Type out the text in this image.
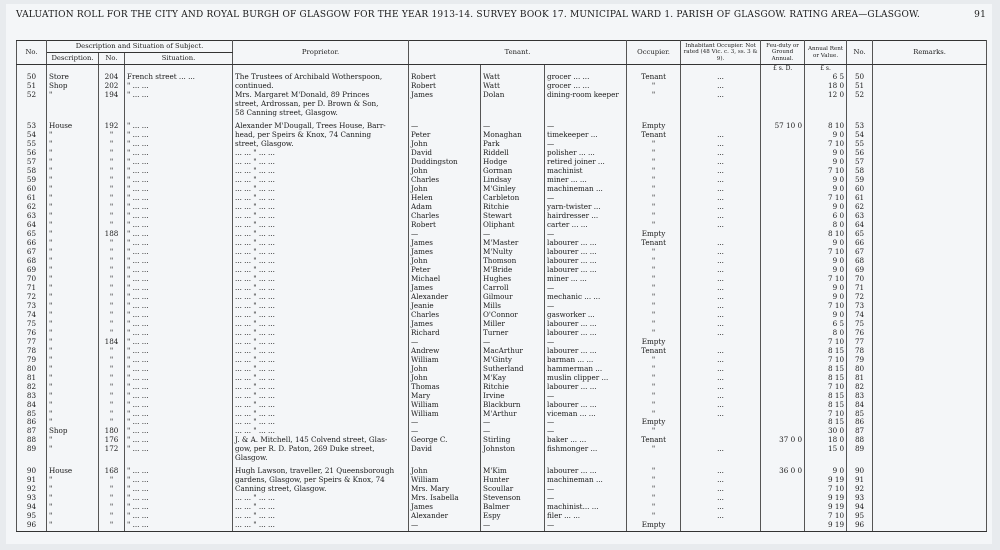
VALUATION ROLL FOR THE CITY AND ROYAL BURGH OF GLASGOW FOR THE YEAR 1913-14. SURVEY BOOK 17. MUNICIPAL WARD 1. PARISH OF GLASGOW. RATING AREA—GLASGOW.	91
No.	Description and Situation of Subject.			Proprietor.	Tenant.			Occupier.	Inhabitant Occupier. Not rated (48 Vic. c. 3, ss. 3 & 9).	Feu-duty or Ground Annual.	Annual Rent or Value.	No.	Remarks.
	Description.	No.	Situation.										
										£ s. D.	£ s.		
50	Store	204	French street ... ...	The Trustees of Archibald Wotherspoon,	Robert	Watt	grocer ... ...	Tenant	...		6 5	50	
51	Shop	202	" ... ...	continued.	Robert	Watt	grocer ... ...	"	...		18 0	51	
52	"	194	" ... ...	Mrs. Margaret M'Donald, 89 Princes	James	Dolan	dining-room keeper	"	...		12 0	52	
				street, Ardrossan, per D. Brown & Son,									
				58 Canning street, Glasgow.									
53	House	192	" ... ...	Alexander M'Dougall, Trees House, Barr-	—	—	—	Empty		57 10 0	8 10	53	
54	"	"	" ... ...	head, per Speirs & Knox, 74 Canning	Peter	Monaghan	timekeeper ...	Tenant	...		9 0	54	
55	"	"	" ... ...	street, Glasgow.	John	Park	—	"	...		7 10	55	
56	"	"	" ... ...	... ... " ... ...	David	Riddell	polisher ... ...	"	...		9 0	56	
57	"	"	" ... ...	... ... " ... ...	Duddingston	Hodge	retired joiner ...	"	...		9 0	57	
58	"	"	" ... ...	... ... " ... ...	John	Gorman	machinist	"	...		7 10	58	
59	"	"	" ... ...	... ... " ... ...	Charles	Lindsay	miner ... ...	"	...		9 0	59	
60	"	"	" ... ...	... ... " ... ...	John	M'Ginley	machineman ...	"	...		9 0	60	
61	"	"	" ... ...	... ... " ... ...	Helen	Carbleton	—	"	...		7 10	61	
62	"	"	" ... ...	... ... " ... ...	Adam	Ritchie	yarn-twister ...	"	...		9 0	62	
63	"	"	" ... ...	... ... " ... ...	Charles	Stewart	hairdresser ...	"	...		6 0	63	
64	"	"	" ... ...	... ... " ... ...	Robert	Oliphant	carter ... ...	"	...		8 0	64	
65	"	188	" ... ...	... ... " ... ...	—	—	—	Empty			8 10	65	
66	"	"	" ... ...	... ... " ... ...	James	M'Master	labourer ... ...	Tenant	...		9 0	66	
67	"	"	" ... ...	... ... " ... ...	James	M'Nulty	labourer ... ...	"	...		7 10	67	
68	"	"	" ... ...	... ... " ... ...	John	Thomson	labourer ... ...	"	...		9 0	68	
69	"	"	" ... ...	... ... " ... ...	Peter	M'Bride	labourer ... ...	"	...		9 0	69	
70	"	"	" ... ...	... ... " ... ...	Michael	Hughes	miner ... ...	"	...		7 10	70	
71	"	"	" ... ...	... ... " ... ...	James	Carroll	—	"	...		9 0	71	
72	"	"	" ... ...	... ... " ... ...	Alexander	Gilmour	mechanic ... ...	"	...		9 0	72	
73	"	"	" ... ...	... ... " ... ...	Jeanie	Mills	—	"	...		7 10	73	
74	"	"	" ... ...	... ... " ... ...	Charles	O'Connor	gasworker ...	"	...		9 0	74	
75	"	"	" ... ...	... ... " ... ...	James	Miller	labourer ... ...	"	...		6 5	75	
76	"	"	" ... ...	... ... " ... ...	Richard	Turner	labourer ... ...	"	...		8 0	76	
77	"	184	" ... ...	... ... " ... ...	—	—	—	Empty			7 10	77	
78	"	"	" ... ...	... ... " ... ...	Andrew	MacArthur	labourer ... ...	Tenant	...		8 15	78	
79	"	"	" ... ...	... ... " ... ...	William	M'Ginty	barman ... ...	"	...		7 10	79	
80	"	"	" ... ...	... ... " ... ...	John	Sutherland	hammerman ...	"	...		8 15	80	
81	"	"	" ... ...	... ... " ... ...	John	M'Kay	muslin clipper ...	"	...		8 15	81	
82	"	"	" ... ...	... ... " ... ...	Thomas	Ritchie	labourer ... ...	"	...		7 10	82	
83	"	"	" ... ...	... ... " ... ...	Mary	Irvine	—	"	...		8 15	83	
84	"	"	" ... ...	... ... " ... ...	William	Blackburn	labourer ... ...	"	...		8 15	84	
85	"	"	" ... ...	... ... " ... ...	William	M'Arthur	viceman ... ...	"	...		7 10	85	
86	"	"	" ... ...	... ... " ... ...	—	—	—	Empty			8 15	86	
87	Shop	180	" ... ...	... ... " ... ...	—	—	—	"			30 0	87	
88	"	176	" ... ...	J. & A. Mitchell, 145 Colvend street, Glas-	George C.	Stirling	baker ... ...	Tenant		37 0 0	18 0	88	
89	"	172	" ... ...	gow, per R. D. Paton, 269 Duke street,	David	Johnston	fishmonger ...	"	...		15 0	89	
				Glasgow.									
90	House	168	" ... ...	Hugh Lawson, traveller, 21 Queensborough	John	M'Kim	labourer ... ...	"	...	36 0 0	9 0	90	
91	"	"	" ... ...	gardens, Glasgow, per Speirs & Knox, 74	William	Hunter	machineman ...	"	...		9 19	91	
92	"	"	" ... ...	Canning street, Glasgow.	Mrs. Mary	Scoullar	—	"	...		7 10	92	
93	"	"	" ... ...	... ... " ... ...	Mrs. Isabella	Stevenson	—	"	...		9 19	93	
94	"	"	" ... ...	... ... " ... ...	James	Balmer	machinist... ...	"	...		9 19	94	
95	"	"	" ... ...	... ... " ... ...	Alexander	Espy	filer ... ...	"	...		7 10	95	
96	"	"	" ... ...	... ... " ... ...	—	—	—	Empty			9 19	96	
